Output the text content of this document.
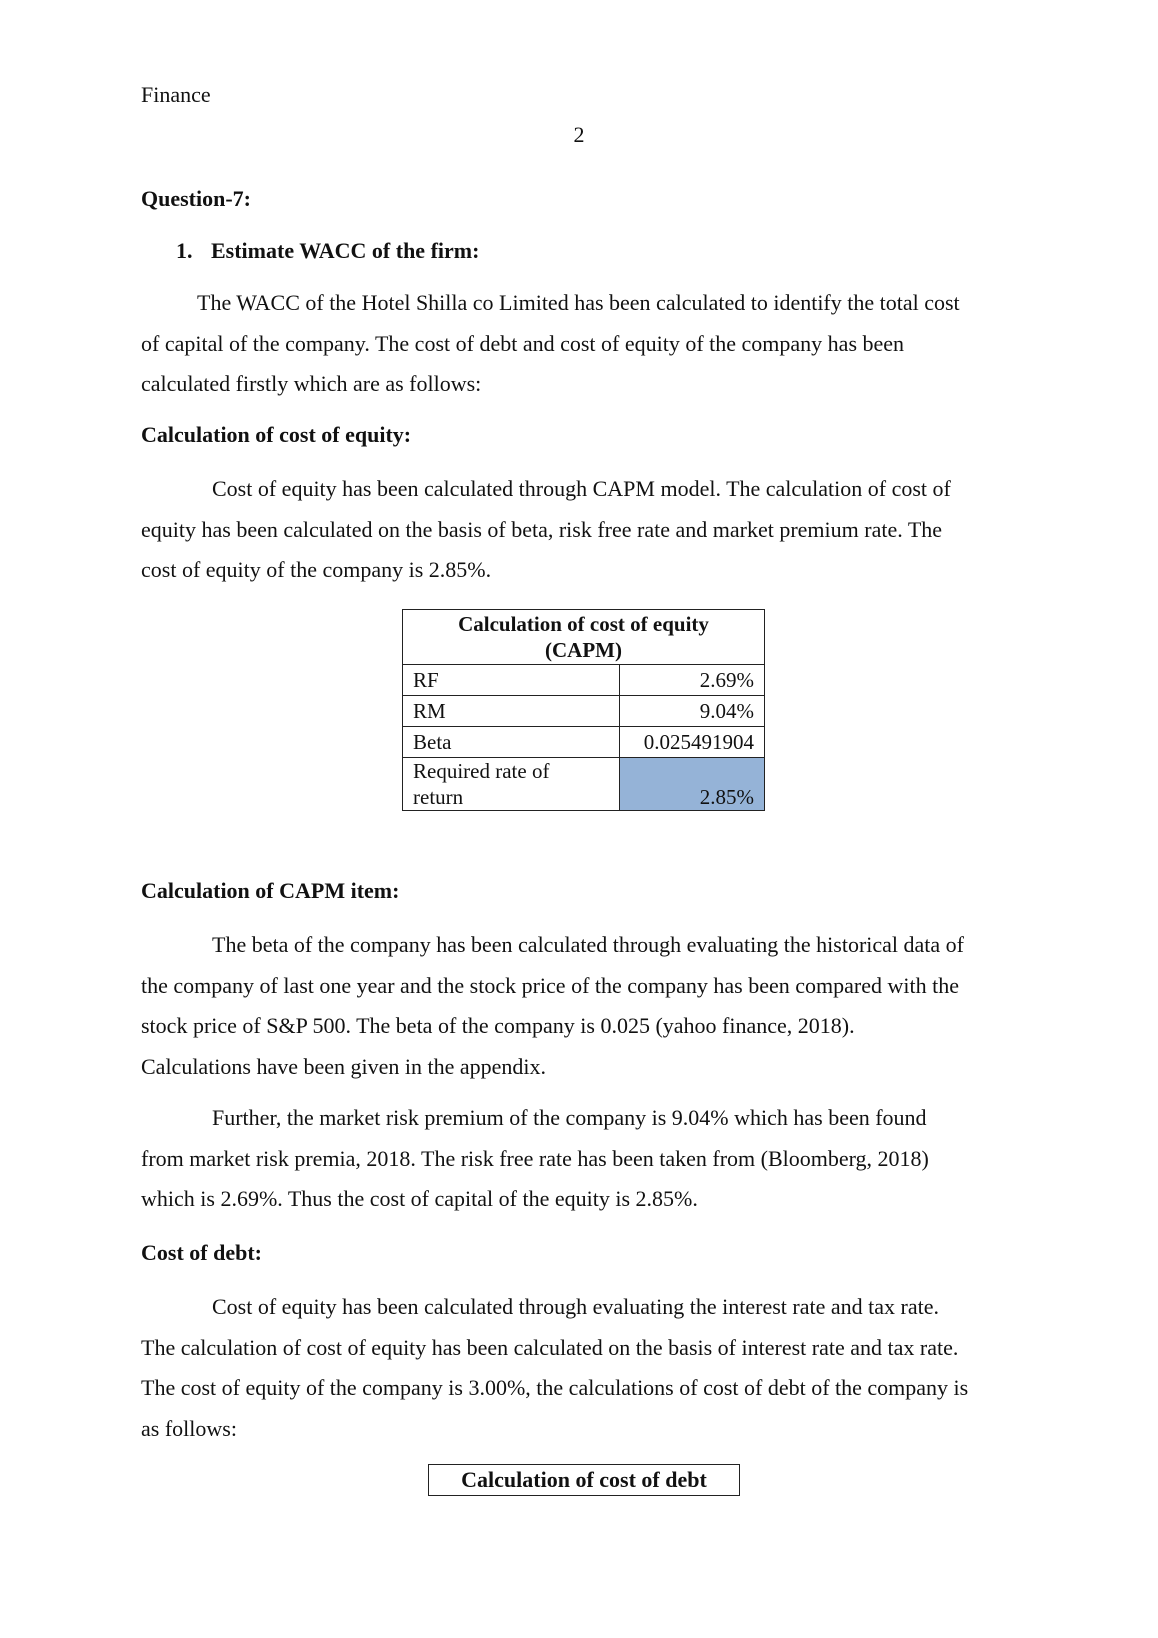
Finance
2
Question-7:
1. Estimate WACC of the firm:
The WACC of the Hotel Shilla co Limited has been calculated to identify the total cost
of capital of the company. The cost of debt and cost of equity of the company has been
calculated firstly which are as follows:
Calculation of cost of equity:
Cost of equity has been calculated through CAPM model. The calculation of cost of
equity has been calculated on the basis of beta, risk free rate and market premium rate. The
cost of equity of the company is 2.85%.
Calculation of cost of equity
(CAPM)	

RF	2.69%
RM	9.04%
Beta	0.025491904

Required rate of
return	2.85%
Calculation of CAPM item:
The beta of the company has been calculated through evaluating the historical data of
the company of last one year and the stock price of the company has been compared with the
stock price of S&P 500. The beta of the company is 0.025 (yahoo finance, 2018).
Calculations have been given in the appendix.
Further, the market risk premium of the company is 9.04% which has been found
from market risk premia, 2018. The risk free rate has been taken from (Bloomberg, 2018)
which is 2.69%. Thus the cost of capital of the equity is 2.85%.
Cost of debt:
Cost of equity has been calculated through evaluating the interest rate and tax rate.
The calculation of cost of equity has been calculated on the basis of interest rate and tax rate.
The cost of equity of the company is 3.00%, the calculations of cost of debt of the company is
as follows:
Calculation of cost of debt
